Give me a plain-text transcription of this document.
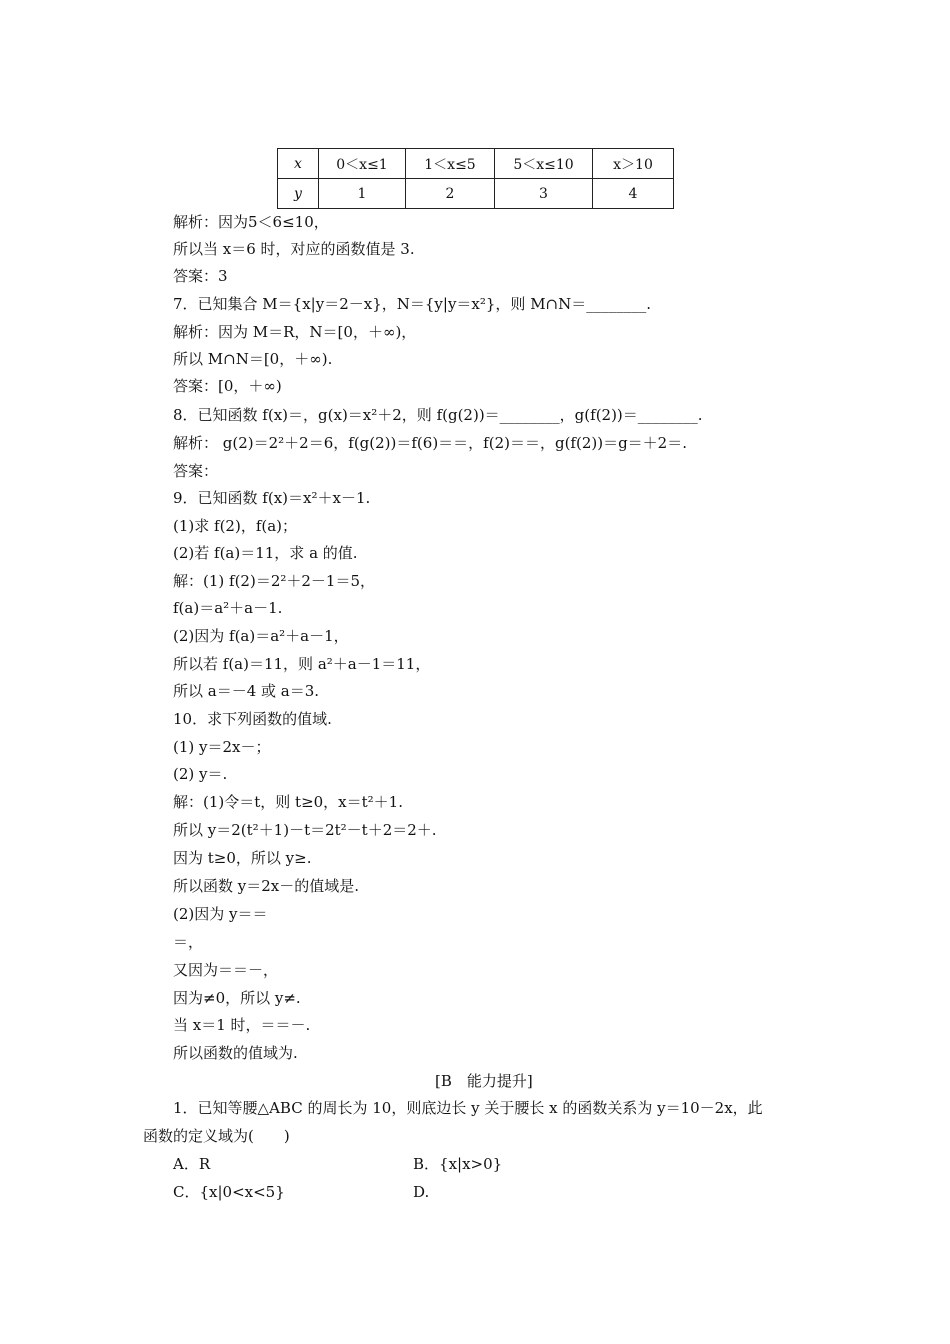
x	0＜x≤1	1＜x≤5	5＜x≤10	x＞10
y	1	2	3	4
解析：因为5＜6≤10，
所以当 x＝6 时，对应的函数值是 3.
答案：3
7．已知集合 M＝{x|y＝2－x}，N＝{y|y＝x²}，则 M∩N＝________.
解析：因为 M＝R，N＝[0，＋∞)，
所以 M∩N＝[0，＋∞).
答案：[0，＋∞)
8．已知函数 f(x)＝，g(x)＝x²＋2，则 f(g(2))＝________，g(f(2))＝________.
解析： g(2)＝2²＋2＝6，f(g(2))＝f(6)＝＝，f(2)＝＝，g(f(2))＝g＝＋2＝.
答案：
9．已知函数 f(x)＝x²＋x－1.
(1)求 f(2)，f(a)；
(2)若 f(a)＝11，求 a 的值.
解：(1) f(2)＝2²＋2－1＝5，
f(a)＝a²＋a－1.
(2)因为 f(a)＝a²＋a－1，
所以若 f(a)＝11，则 a²＋a－1＝11，
所以 a＝－4 或 a＝3.
10．求下列函数的值域.
(1) y＝2x－；
(2) y＝.
解：(1)令＝t，则 t≥0，x＝t²＋1.
所以 y＝2(t²＋1)－t＝2t²－t＋2＝2＋.
因为 t≥0，所以 y≥.
所以函数 y＝2x－的值域是.
(2)因为 y＝＝
＝，
又因为＝＝－，
因为≠0，所以 y≠.
当 x＝1 时，＝＝－.
所以函数的值域为.
[B　能力提升]
1．已知等腰△ABC 的周长为 10，则底边长 y 关于腰长 x 的函数关系为 y＝10－2x，此
函数的定义域为(　　)
A．R	B．{x|x>0}
C．{x|0<x<5}	D.
